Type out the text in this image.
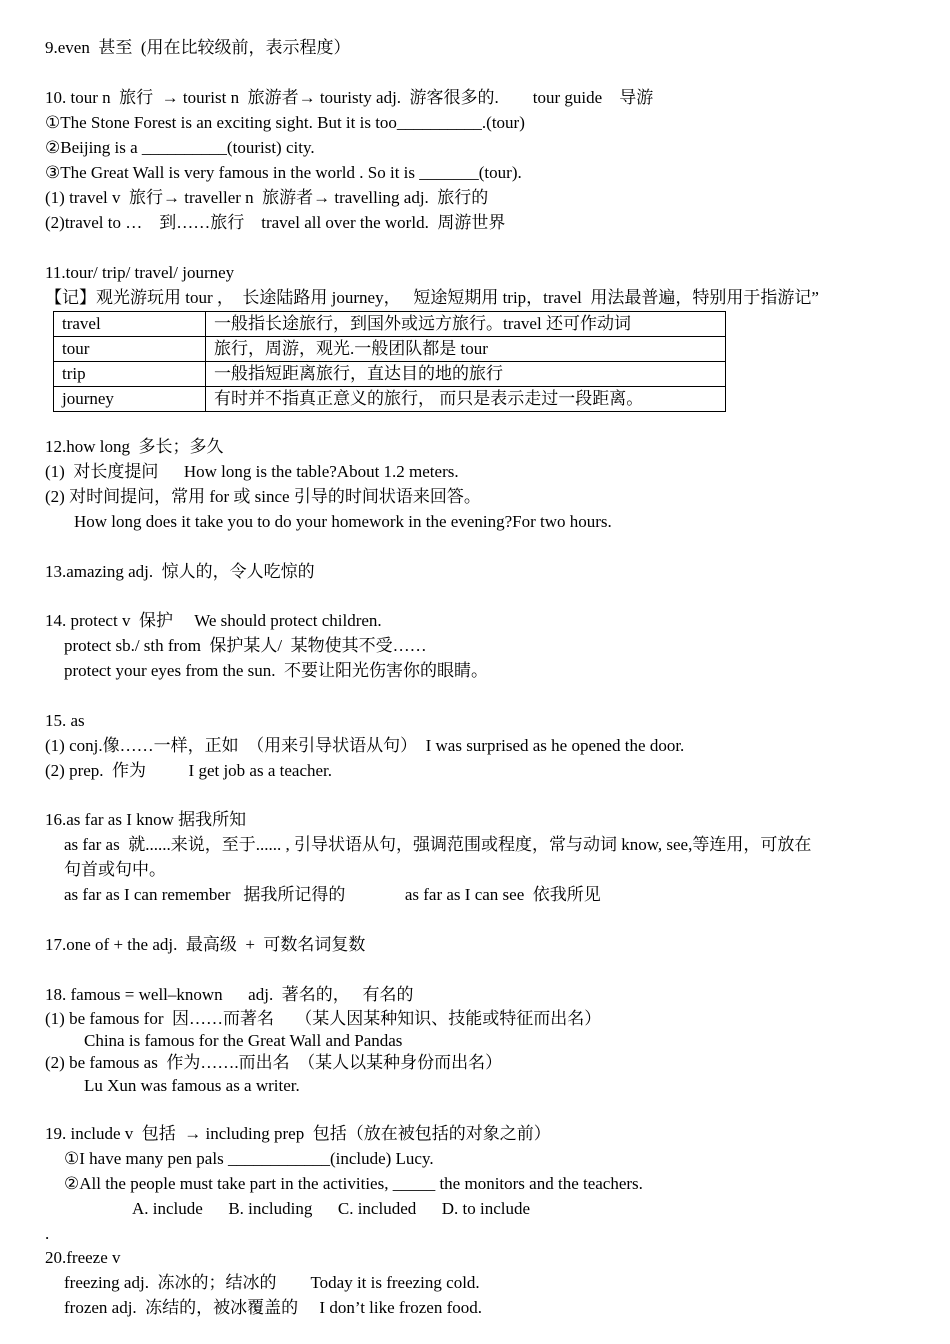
9.even  甚至  (用在比较级前，表示程度）
10. tour n  旅行  → tourist n  旅游者→ touristy adj.  游客很多的.        tour guide    导游
①The Stone Forest is an exciting sight. But it is too__________.(tour)
②Beijing is a __________(tourist) city.
③The Great Wall is very famous in the world . So it is _______(tour).
(1) travel v  旅行→ traveller n  旅游者→ travelling adj.  旅行的
(2)travel to …    到……旅行    travel all over the world.  周游世界
11.tour/ trip/ travel/ journey
【记】观光游玩用 tour ，  长途陆路用 journey，   短途短期用 trip，travel  用法最普遍，特别用于指游记”
travel	一般指长途旅行，到国外或远方旅行。travel 还可作动词
tour	旅行，周游，观光.一般团队都是 tour
trip	一般指短距离旅行，直达目的地的旅行
journey	有时并不指真正意义的旅行， 而只是表示走过一段距离。
12.how long  多长；多久
(1)  对长度提问      How long is the table?About 1.2 meters.
(2) 对时间提问，常用 for 或 since 引导的时间状语来回答。
How long does it take you to do your homework in the evening?For two hours.
13.amazing adj.  惊人的，令人吃惊的
14. protect v  保护     We should protect children.
protect sb./ sth from  保护某人/  某物使其不受……
protect your eyes from the sun.  不要让阳光伤害你的眼睛。
15. as
(1) conj.像……一样，正如  （用来引导状语从句）  I was surprised as he opened the door.
(2) prep.  作为          I get job as a teacher.
16.as far as I know 据我所知
as far as  就......来说，至于...... , 引导状语从句，强调范围或程度，常与动词 know, see,等连用，可放在
句首或句中。
as far as I can remember   据我所记得的              as far as I can see  依我所见
17.one of + the adj.  最高级  +  可数名词复数
18. famous = well–known      adj.  著名的，   有名的
(1) be famous for  因……而著名     （某人因某种知识、技能或特征而出名）
China is famous for the Great Wall and Pandas
(2) be famous as  作为…….而出名  （某人以某种身份而出名）
Lu Xun was famous as a writer.
19. include v  包括  → including prep  包括（放在被包括的对象之前）
①I have many pen pals ____________(include) Lucy.
②All the people must take part in the activities, _____ the monitors and the teachers.
A. include      B. including      C. included      D. to include
.
20.freeze v
freezing adj.  冻冰的；结冰的        Today it is freezing cold.
frozen adj.  冻结的，被冰覆盖的     I don’t like frozen food.
